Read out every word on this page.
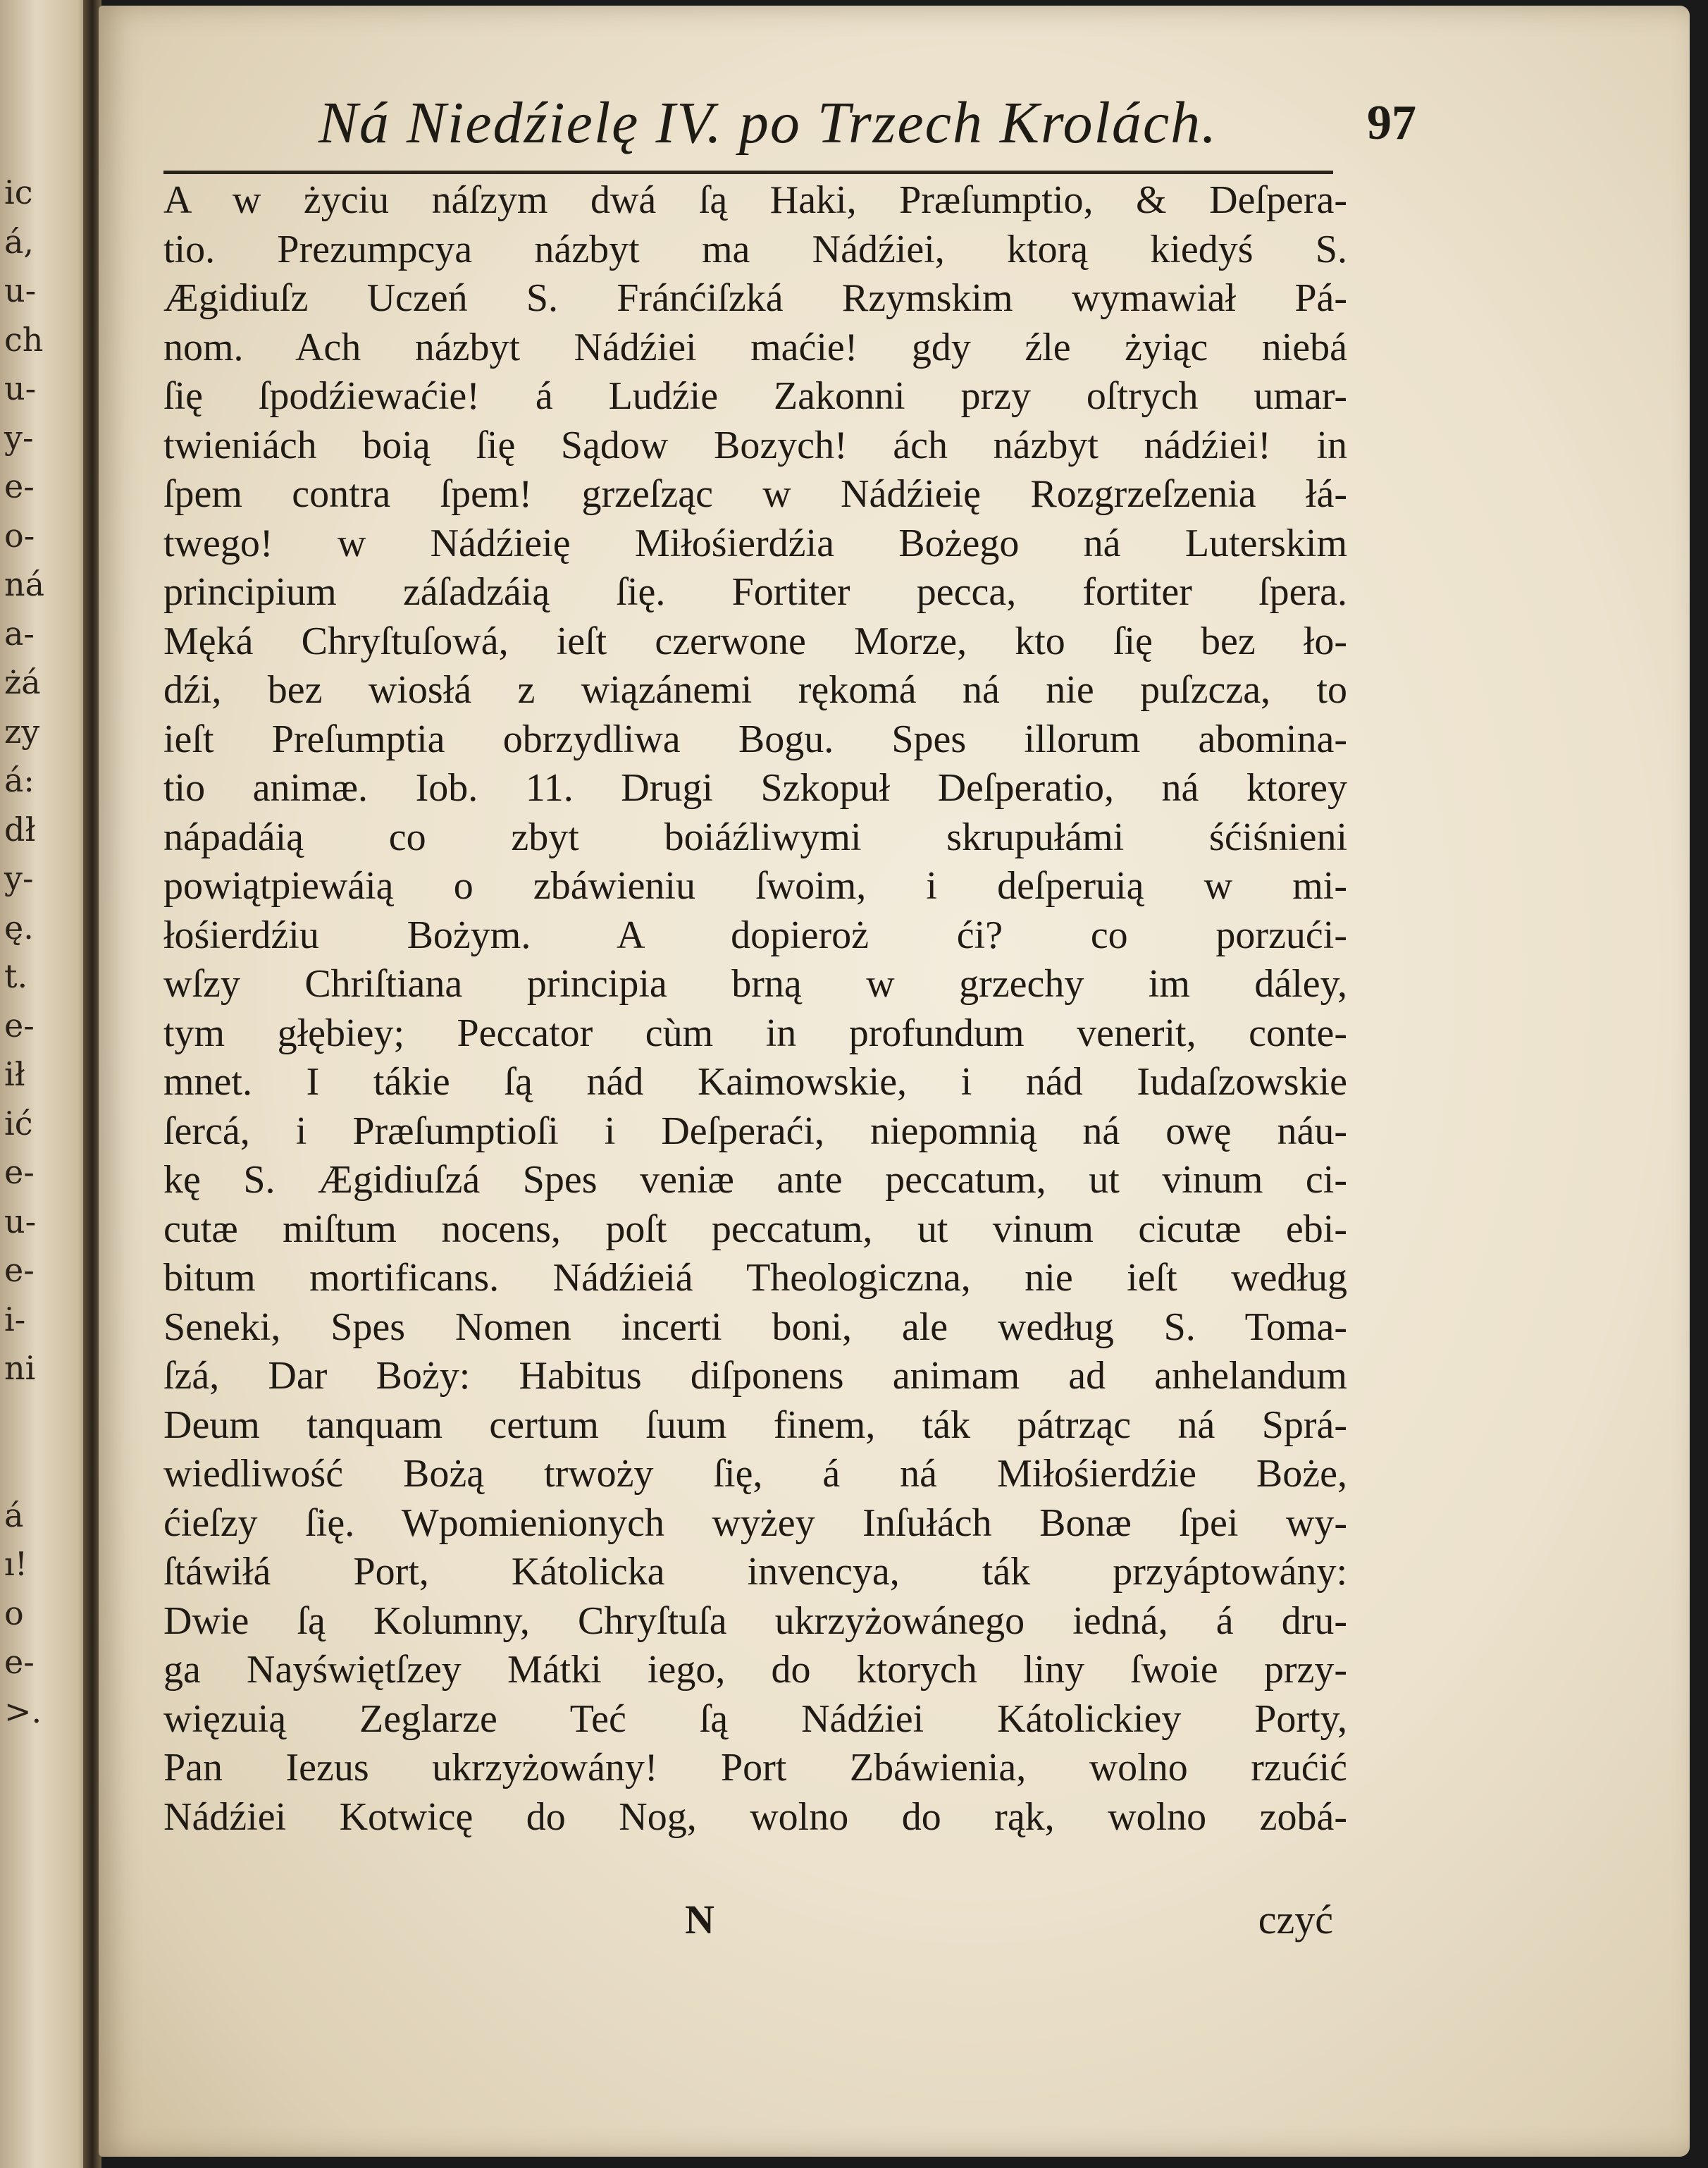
ic
á,
u-
ch
u-
y-
e-
o-
ná
a-
żá
zy
á:
dł
y-
ę.
t.
e-
ił
ić
e-
u-
e-
i-
ni
á
ı!
o
e-
>.
Ná Niedźielę IV. po Trzech Krolách.	97
A w życiu náſzym dwá ſą Haki, Præſumptio, & Deſpera-
tio. Prezumpcya názbyt ma Nádźiei, ktorą kiedyś S.
Ægidiuſz Uczeń S. Fránćiſzká Rzymskim wymawiał Pá-
nom. Ach názbyt Nádźiei maćie! gdy źle żyiąc niebá
ſię ſpodźiewaćie! á Ludźie Zakonni przy oſtrych umar-
twieniách boią ſię Sądow Bozych! ách názbyt nádźiei! in
ſpem contra ſpem! grzeſząc w Nádźieię Rozgrzeſzenia łá-
twego! w Nádźieię Miłośierdźia Bożego ná Luterskim
principium záſadzáią ſię. Fortiter pecca, fortiter ſpera.
Męká Chryſtuſowá, ieſt czerwone Morze, kto ſię bez ło-
dźi, bez wiosłá z wiązánemi rękomá ná nie puſzcza, to
ieſt Preſumptia obrzydliwa Bogu. Spes illorum abomina-
tio animæ. Iob. 11. Drugi Szkopuł Deſperatio, ná ktorey
nápadáią co zbyt boiáźliwymi skrupułámi śćiśnieni
powiątpiewáią o zbáwieniu ſwoim, i deſperuią w mi-
łośierdźiu Bożym. A dopieroż ći? co porzući-
wſzy Chriſtiana principia brną w grzechy im dáley,
tym głębiey; Peccator cùm in profundum venerit, conte-
mnet. I tákie ſą nád Kaimowskie, i nád Iudaſzowskie
ſercá, i Præſumptioſi i Deſperaći, niepomnią ná owę náu-
kę S. Ægidiuſzá Spes veniæ ante peccatum, ut vinum ci-
cutæ miſtum nocens, poſt peccatum, ut vinum cicutæ ebi-
bitum mortificans. Nádźieiá Theologiczna, nie ieſt według
Seneki, Spes Nomen incerti boni, ale według S. Toma-
ſzá, Dar Boży: Habitus diſponens animam ad anhelandum
Deum tanquam certum ſuum finem, ták pátrząc ná Sprá-
wiedliwość Bożą trwoży ſię, á ná Miłośierdźie Boże,
ćieſzy ſię. Wpomienionych wyżey Inſułách Bonæ ſpei wy-
ſtáwiłá Port, Kátolicka invencya, ták przyáptowány:
Dwie ſą Kolumny, Chryſtuſa ukrzyżowánego iedná, á dru-
ga Nayświętſzey Mátki iego, do ktorych liny ſwoie przy-
więzuią Zeglarze Teć ſą Nádźiei Kátolickiey Porty,
Pan Iezus ukrzyżowány! Port Zbáwienia, wolno rzućić
Nádźiei Kotwicę do Nog, wolno do rąk, wolno zobá-
N	czyć
